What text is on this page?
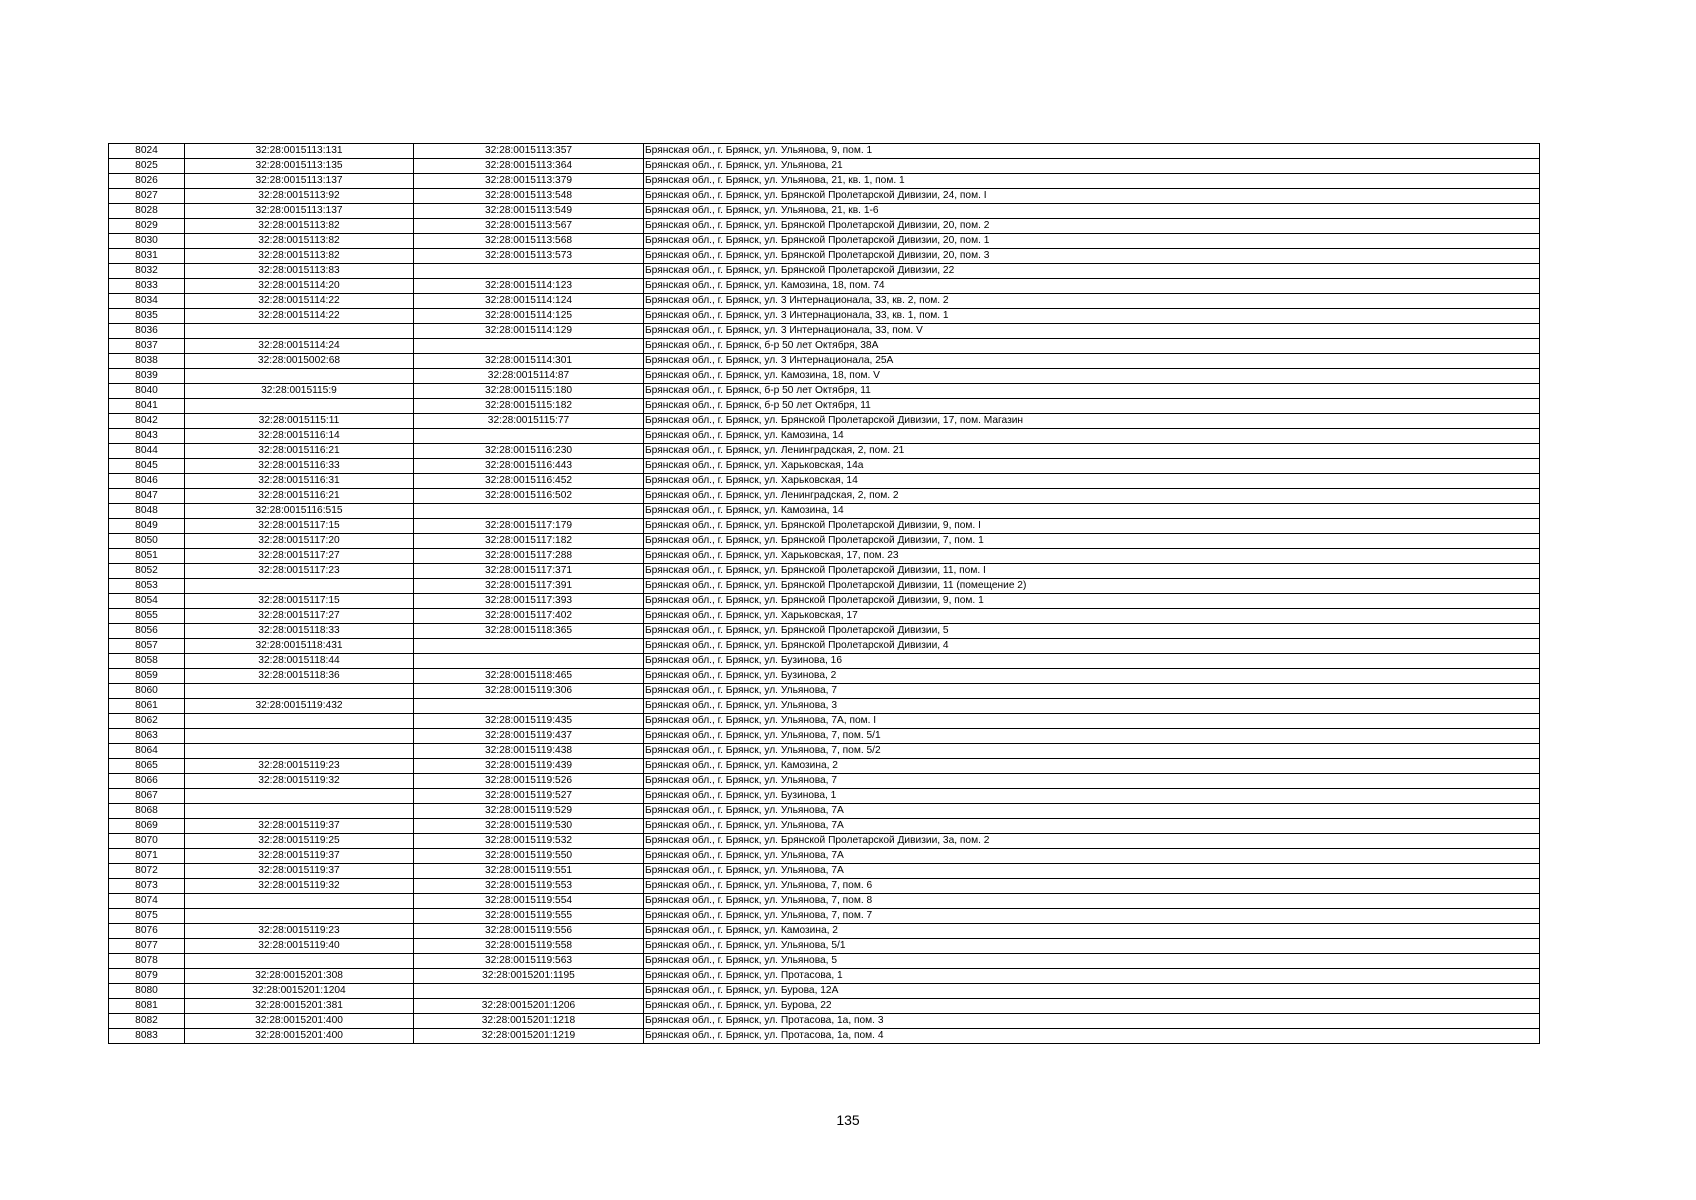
8024	32:28:0015113:131	32:28:0015113:357	Брянская обл., г. Брянск, ул. Ульянова, 9, пом. 1
8025	32:28:0015113:135	32:28:0015113:364	Брянская обл., г. Брянск, ул. Ульянова, 21
8026	32:28:0015113:137	32:28:0015113:379	Брянская обл., г. Брянск, ул. Ульянова, 21, кв. 1, пом. 1
8027	32:28:0015113:92	32:28:0015113:548	Брянская обл., г. Брянск, ул. Брянской Пролетарской Дивизии, 24, пом. I
8028	32:28:0015113:137	32:28:0015113:549	Брянская обл., г. Брянск, ул. Ульянова, 21, кв. 1-6
8029	32:28:0015113:82	32:28:0015113:567	Брянская обл., г. Брянск, ул. Брянской Пролетарской Дивизии, 20, пом. 2
8030	32:28:0015113:82	32:28:0015113:568	Брянская обл., г. Брянск, ул. Брянской Пролетарской Дивизии, 20, пом. 1
8031	32:28:0015113:82	32:28:0015113:573	Брянская обл., г. Брянск, ул. Брянской Пролетарской Дивизии, 20, пом. 3
8032	32:28:0015113:83		Брянская обл., г. Брянск, ул. Брянской Пролетарской Дивизии, 22
8033	32:28:0015114:20	32:28:0015114:123	Брянская обл., г. Брянск, ул. Камозина, 18, пом. 74
8034	32:28:0015114:22	32:28:0015114:124	Брянская обл., г. Брянск, ул. 3 Интернационала, 33, кв. 2, пом. 2
8035	32:28:0015114:22	32:28:0015114:125	Брянская обл., г. Брянск, ул. 3 Интернационала, 33, кв. 1, пом. 1
8036		32:28:0015114:129	Брянская обл., г. Брянск, ул. 3 Интернационала, 33, пом. V
8037	32:28:0015114:24		Брянская обл., г. Брянск, б-р 50 лет Октября, 38А
8038	32:28:0015002:68	32:28:0015114:301	Брянская обл., г. Брянск, ул. 3 Интернационала, 25А
8039		32:28:0015114:87	Брянская обл., г. Брянск, ул. Камозина, 18, пом. V
8040	32:28:0015115:9	32:28:0015115:180	Брянская обл., г. Брянск, б-р 50 лет Октября, 11
8041		32:28:0015115:182	Брянская обл., г. Брянск, б-р 50 лет Октября, 11
8042	32:28:0015115:11	32:28:0015115:77	Брянская обл., г. Брянск, ул. Брянской Пролетарской Дивизии, 17, пом. Магазин
8043	32:28:0015116:14		Брянская обл., г. Брянск, ул. Камозина, 14
8044	32:28:0015116:21	32:28:0015116:230	Брянская обл., г. Брянск, ул. Ленинградская, 2, пом. 21
8045	32:28:0015116:33	32:28:0015116:443	Брянская обл., г. Брянск, ул. Харьковская, 14а
8046	32:28:0015116:31	32:28:0015116:452	Брянская обл., г. Брянск, ул. Харьковская, 14
8047	32:28:0015116:21	32:28:0015116:502	Брянская обл., г. Брянск, ул. Ленинградская, 2, пом. 2
8048	32:28:0015116:515		Брянская обл., г. Брянск, ул. Камозина, 14
8049	32:28:0015117:15	32:28:0015117:179	Брянская обл., г. Брянск, ул. Брянской Пролетарской Дивизии, 9, пом. I
8050	32:28:0015117:20	32:28:0015117:182	Брянская обл., г. Брянск, ул. Брянской Пролетарской Дивизии, 7, пом. 1
8051	32:28:0015117:27	32:28:0015117:288	Брянская обл., г. Брянск, ул. Харьковская, 17, пом. 23
8052	32:28:0015117:23	32:28:0015117:371	Брянская обл., г. Брянск, ул. Брянской Пролетарской Дивизии, 11, пом. I
8053		32:28:0015117:391	Брянская обл., г. Брянск, ул. Брянской Пролетарской Дивизии, 11 (помещение 2)
8054	32:28:0015117:15	32:28:0015117:393	Брянская обл., г. Брянск, ул. Брянской Пролетарской Дивизии, 9, пом. 1
8055	32:28:0015117:27	32:28:0015117:402	Брянская обл., г. Брянск, ул. Харьковская, 17
8056	32:28:0015118:33	32:28:0015118:365	Брянская обл., г. Брянск, ул. Брянской Пролетарской Дивизии, 5
8057	32:28:0015118:431		Брянская обл., г. Брянск, ул. Брянской Пролетарской Дивизии, 4
8058	32:28:0015118:44		Брянская обл., г. Брянск, ул. Бузинова, 16
8059	32:28:0015118:36	32:28:0015118:465	Брянская обл., г. Брянск, ул. Бузинова, 2
8060		32:28:0015119:306	Брянская обл., г. Брянск, ул. Ульянова, 7
8061	32:28:0015119:432		Брянская обл., г. Брянск, ул. Ульянова, 3
8062		32:28:0015119:435	Брянская обл., г. Брянск, ул. Ульянова, 7А, пом. I
8063		32:28:0015119:437	Брянская обл., г. Брянск, ул. Ульянова, 7, пом. 5/1
8064		32:28:0015119:438	Брянская обл., г. Брянск, ул. Ульянова, 7, пом. 5/2
8065	32:28:0015119:23	32:28:0015119:439	Брянская обл., г. Брянск, ул. Камозина, 2
8066	32:28:0015119:32	32:28:0015119:526	Брянская обл., г. Брянск, ул. Ульянова, 7
8067		32:28:0015119:527	Брянская обл., г. Брянск, ул. Бузинова, 1
8068		32:28:0015119:529	Брянская обл., г. Брянск, ул. Ульянова, 7А
8069	32:28:0015119:37	32:28:0015119:530	Брянская обл., г. Брянск, ул. Ульянова, 7А
8070	32:28:0015119:25	32:28:0015119:532	Брянская обл., г. Брянск, ул. Брянской Пролетарской Дивизии, 3а, пом. 2
8071	32:28:0015119:37	32:28:0015119:550	Брянская обл., г. Брянск, ул. Ульянова, 7А
8072	32:28:0015119:37	32:28:0015119:551	Брянская обл., г. Брянск, ул. Ульянова, 7А
8073	32:28:0015119:32	32:28:0015119:553	Брянская обл., г. Брянск, ул. Ульянова, 7, пом. 6
8074		32:28:0015119:554	Брянская обл., г. Брянск, ул. Ульянова, 7, пом. 8
8075		32:28:0015119:555	Брянская обл., г. Брянск, ул. Ульянова, 7, пом. 7
8076	32:28:0015119:23	32:28:0015119:556	Брянская обл., г. Брянск, ул. Камозина, 2
8077	32:28:0015119:40	32:28:0015119:558	Брянская обл., г. Брянск, ул. Ульянова, 5/1
8078		32:28:0015119:563	Брянская обл., г. Брянск, ул. Ульянова, 5
8079	32:28:0015201:308	32:28:0015201:1195	Брянская обл., г. Брянск, ул. Протасова, 1
8080	32:28:0015201:1204		Брянская обл., г. Брянск, ул. Бурова, 12А
8081	32:28:0015201:381	32:28:0015201:1206	Брянская обл., г. Брянск, ул. Бурова, 22
8082	32:28:0015201:400	32:28:0015201:1218	Брянская обл., г. Брянск, ул. Протасова, 1а, пом. 3
8083	32:28:0015201:400	32:28:0015201:1219	Брянская обл., г. Брянск, ул. Протасова, 1а, пом. 4
135
